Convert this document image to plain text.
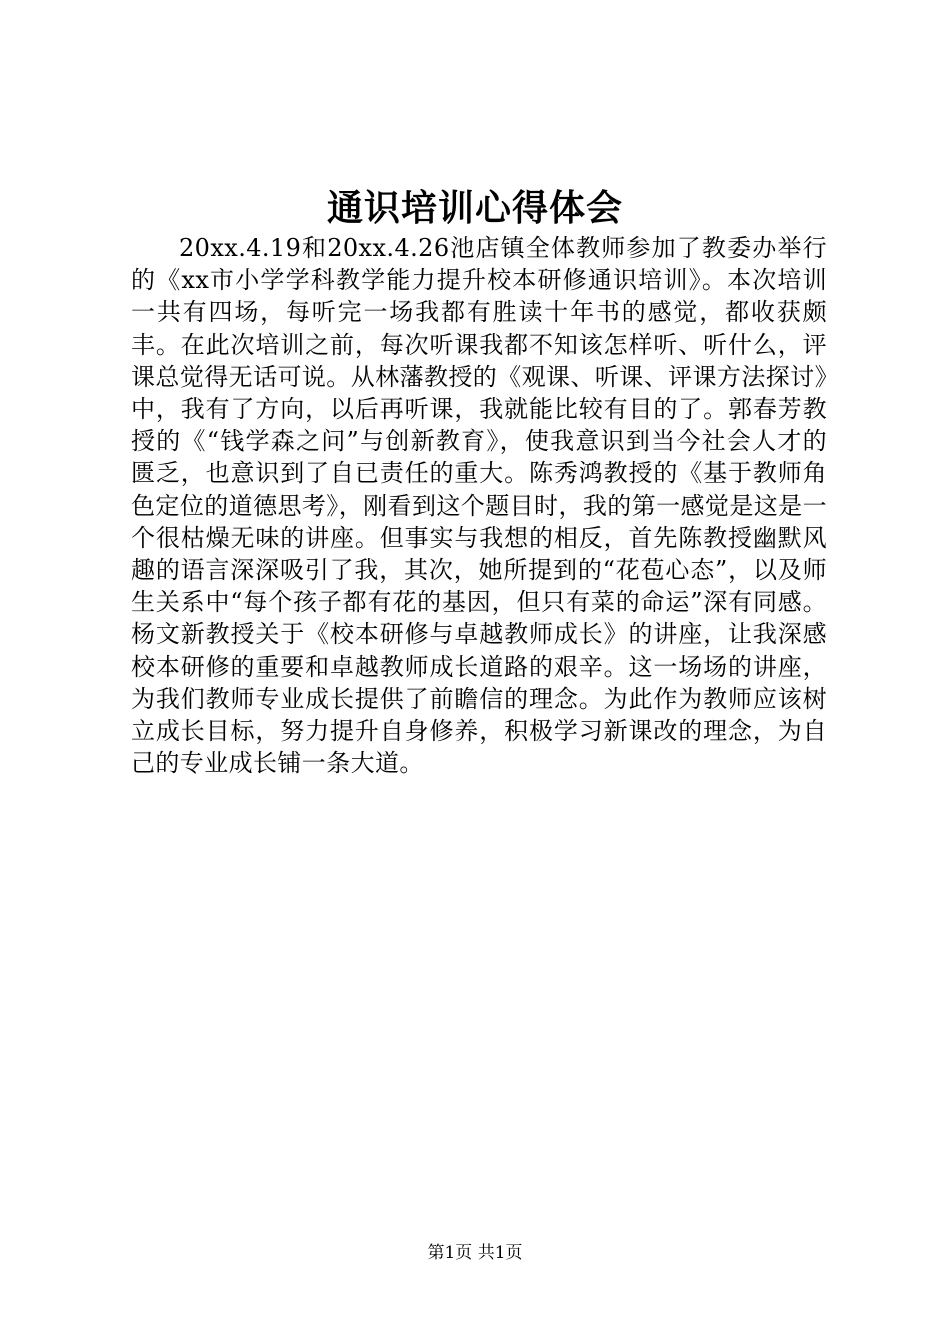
通识培训心得体会

20xx.4.19和20xx.4.26池店镇全体教师参加了教委办举行的《xx市小学学科教学能力提升校本研修通识培训》。本次培训一共有四场，每听完一场我都有胜读十年书的感觉，都收获颇丰。在此次培训之前，每次听课我都不知该怎样听、听什么，评课总觉得无话可说。从林藩教授的《观课、听课、评课方法探讨》中，我有了方向，以后再听课，我就能比较有目的了。郭春芳教授的《“钱学森之问”与创新教育》，使我意识到当今社会人才的匮乏，也意识到了自已责任的重大。陈秀鸿教授的《基于教师角色定位的道德思考》，刚看到这个题目时，我的第一感觉是这是一个很枯燥无味的讲座。但事实与我想的相反，首先陈教授幽默风趣的语言深深吸引了我，其次，她所提到的“花苞心态”，以及师生关系中“每个孩子都有花的基因，但只有菜的命运”深有同感。杨文新教授关于《校本研修与卓越教师成长》的讲座，让我深感校本研修的重要和卓越教师成长道路的艰辛。这一场场的讲座，为我们教师专业成长提供了前瞻信的理念。为此作为教师应该树立成长目标，努力提升自身修养，积极学习新课改的理念，为自己的专业成长铺一条大道。

第1页 共1页
